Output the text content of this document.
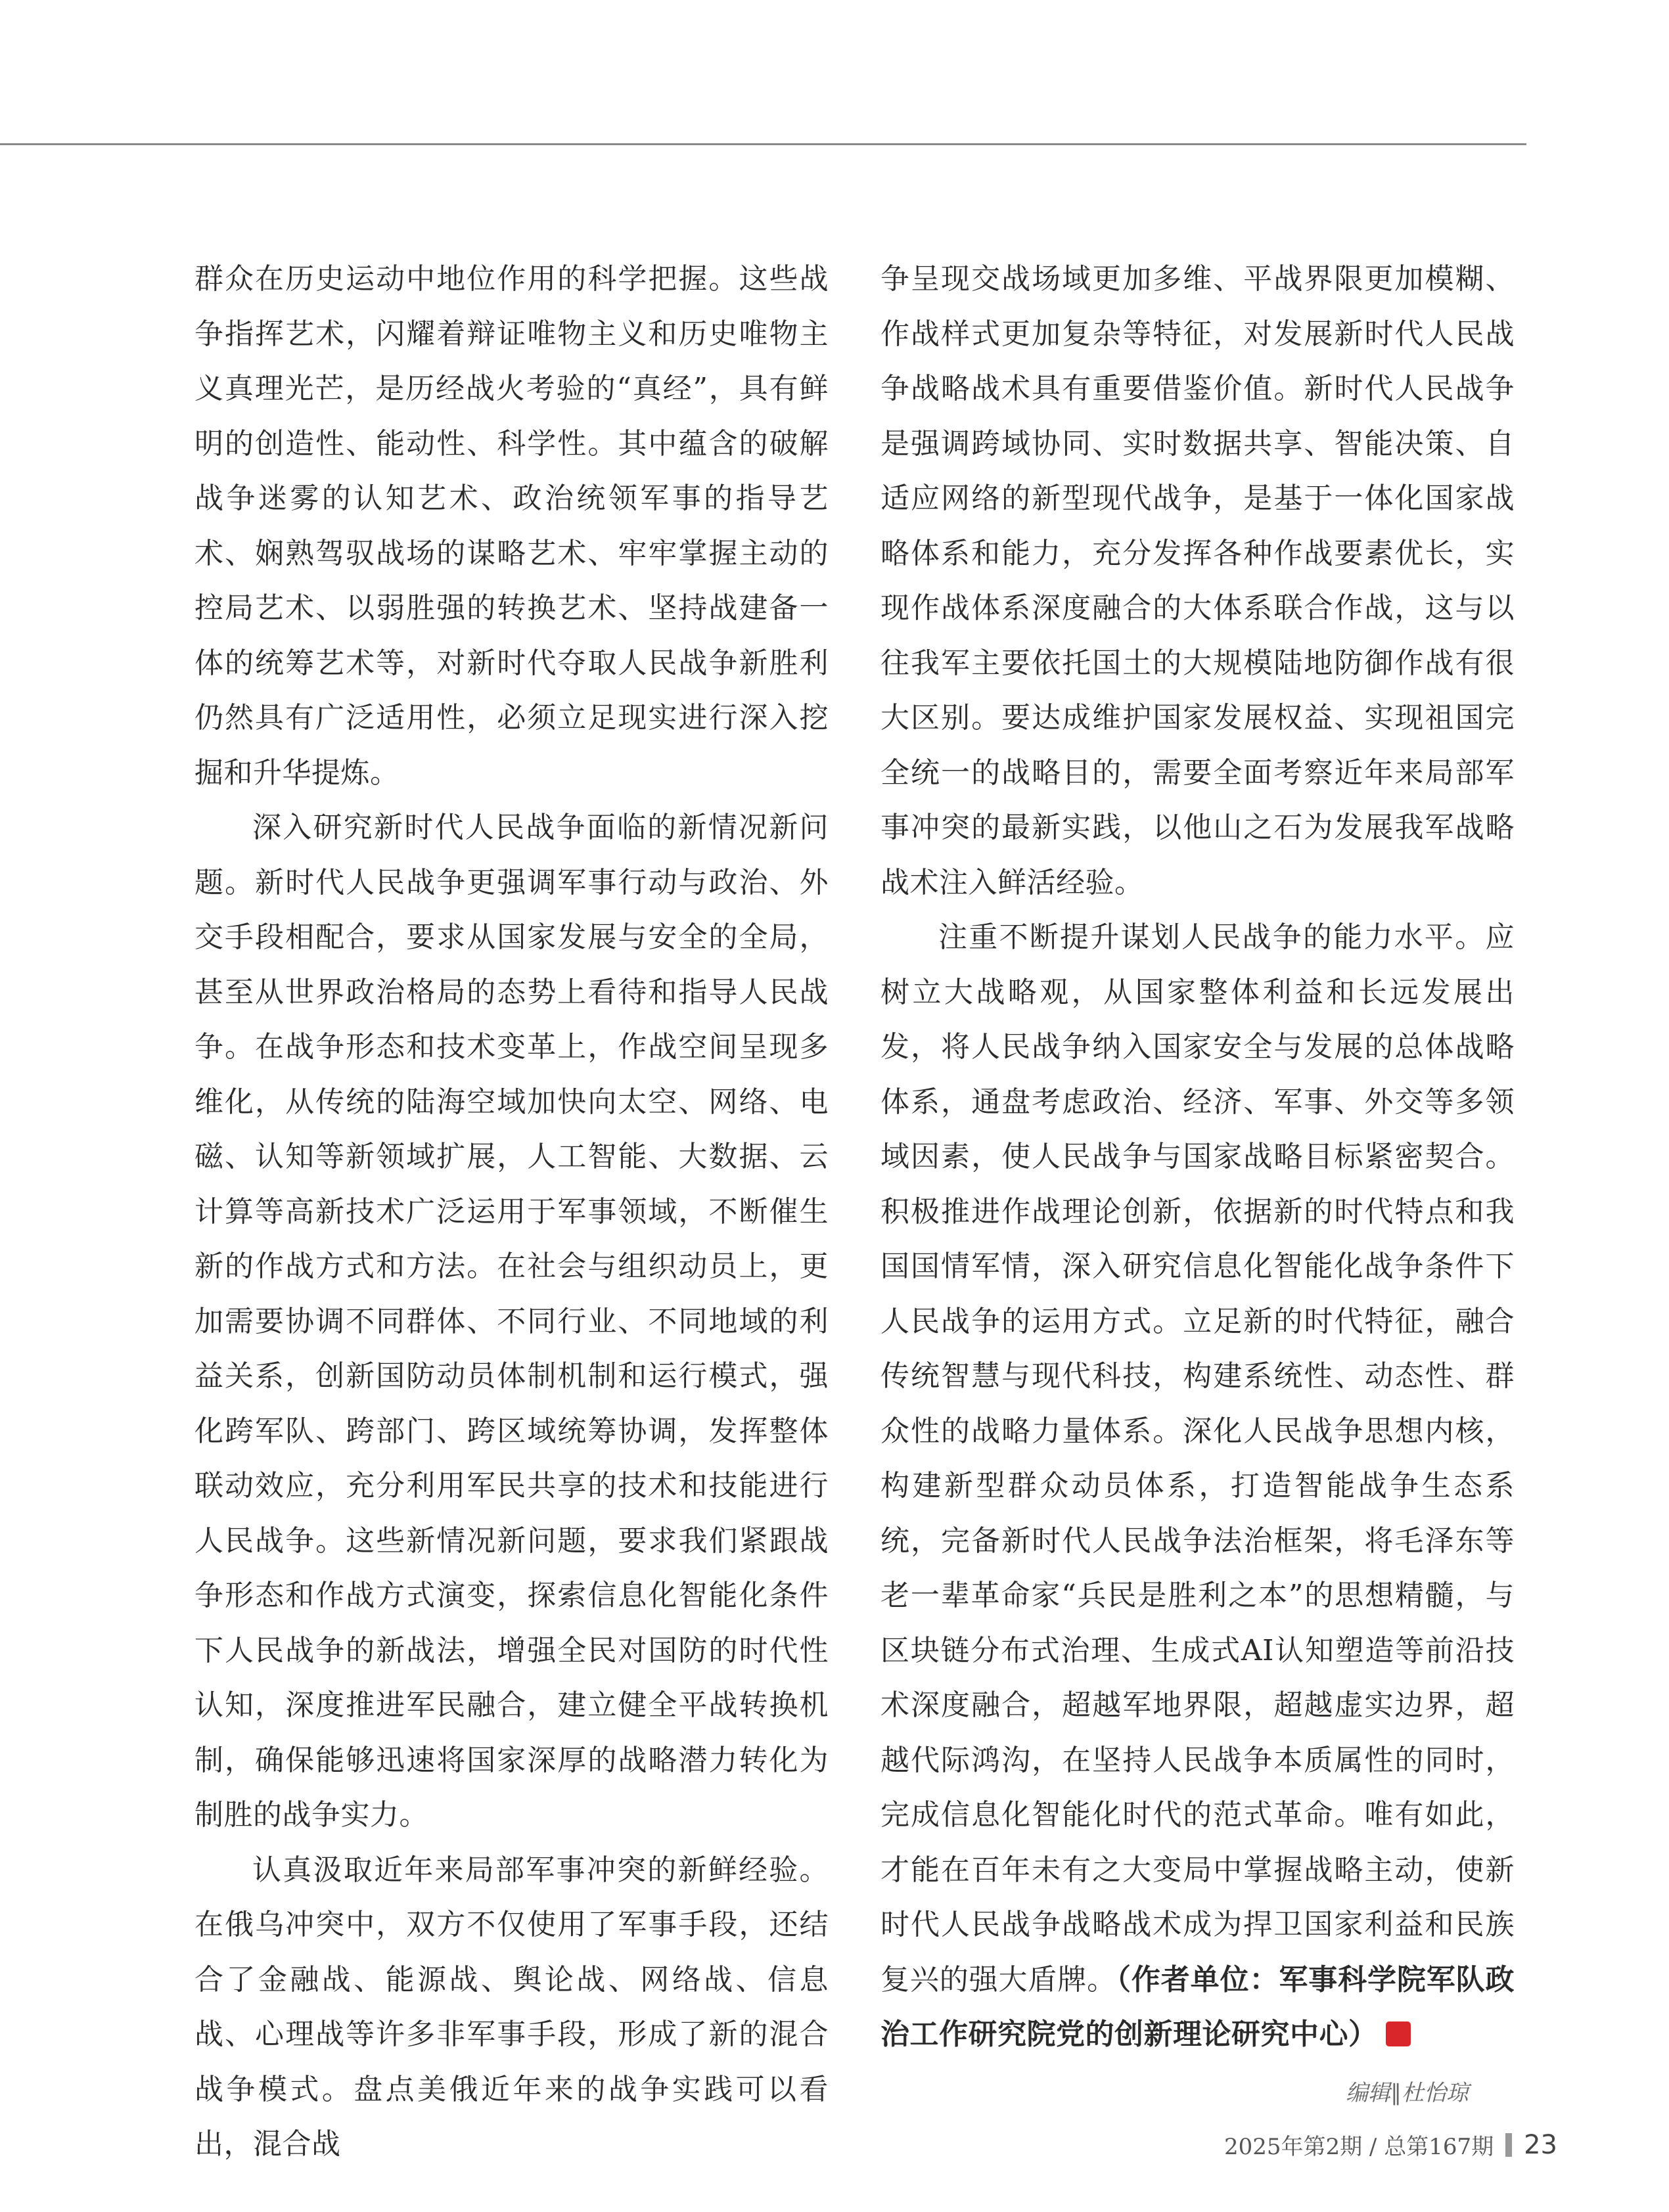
群众在历史运动中地位作用的科学把握。这些战争指挥艺术，闪耀着辩证唯物主义和历史唯物主义真理光芒，是历经战火考验的“真经”，具有鲜明的创造性、能动性、科学性。其中蕴含的破解战争迷雾的认知艺术、政治统领军事的指导艺术、娴熟驾驭战场的谋略艺术、牢牢掌握主动的控局艺术、以弱胜强的转换艺术、坚持战建备一体的统筹艺术等，对新时代夺取人民战争新胜利仍然具有广泛适用性，必须立足现实进行深入挖掘和升华提炼。

深入研究新时代人民战争面临的新情况新问题。新时代人民战争更强调军事行动与政治、外交手段相配合，要求从国家发展与安全的全局，甚至从世界政治格局的态势上看待和指导人民战争。在战争形态和技术变革上，作战空间呈现多维化，从传统的陆海空域加快向太空、网络、电磁、认知等新领域扩展，人工智能、大数据、云计算等高新技术广泛运用于军事领域，不断催生新的作战方式和方法。在社会与组织动员上，更加需要协调不同群体、不同行业、不同地域的利益关系，创新国防动员体制机制和运行模式，强化跨军队、跨部门、跨区域统筹协调，发挥整体联动效应，充分利用军民共享的技术和技能进行人民战争。这些新情况新问题，要求我们紧跟战争形态和作战方式演变，探索信息化智能化条件下人民战争的新战法，增强全民对国防的时代性认知，深度推进军民融合，建立健全平战转换机制，确保能够迅速将国家深厚的战略潜力转化为制胜的战争实力。

认真汲取近年来局部军事冲突的新鲜经验。在俄乌冲突中，双方不仅使用了军事手段，还结合了金融战、能源战、舆论战、网络战、信息战、心理战等许多非军事手段，形成了新的混合战争模式。盘点美俄近年来的战争实践可以看出，混合战

争呈现交战场域更加多维、平战界限更加模糊、作战样式更加复杂等特征，对发展新时代人民战争战略战术具有重要借鉴价值。新时代人民战争是强调跨域协同、实时数据共享、智能决策、自适应网络的新型现代战争，是基于一体化国家战略体系和能力，充分发挥各种作战要素优长，实现作战体系深度融合的大体系联合作战，这与以往我军主要依托国土的大规模陆地防御作战有很大区别。要达成维护国家发展权益、实现祖国完全统一的战略目的，需要全面考察近年来局部军事冲突的最新实践，以他山之石为发展我军战略战术注入鲜活经验。

注重不断提升谋划人民战争的能力水平。应树立大战略观，从国家整体利益和长远发展出发，将人民战争纳入国家安全与发展的总体战略体系，通盘考虑政治、经济、军事、外交等多领域因素，使人民战争与国家战略目标紧密契合。积极推进作战理论创新，依据新的时代特点和我国国情军情，深入研究信息化智能化战争条件下人民战争的运用方式。立足新的时代特征，融合传统智慧与现代科技，构建系统性、动态性、群众性的战略力量体系。深化人民战争思想内核，构建新型群众动员体系，打造智能战争生态系统，完备新时代人民战争法治框架，将毛泽东等老一辈革命家“兵民是胜利之本”的思想精髓，与区块链分布式治理、生成式AI认知塑造等前沿技术深度融合，超越军地界限，超越虚实边界，超越代际鸿沟，在坚持人民战争本质属性的同时，完成信息化智能化时代的范式革命。唯有如此，才能在百年未有之大变局中掌握战略主动，使新时代人民战争战略战术成为捍卫国家利益和民族复兴的强大盾牌。（作者单位：军事科学院军队政治工作研究院党的创新理论研究中心）	G

编辑∥杜怡琼
2025年第2期 / 总第167期 23
